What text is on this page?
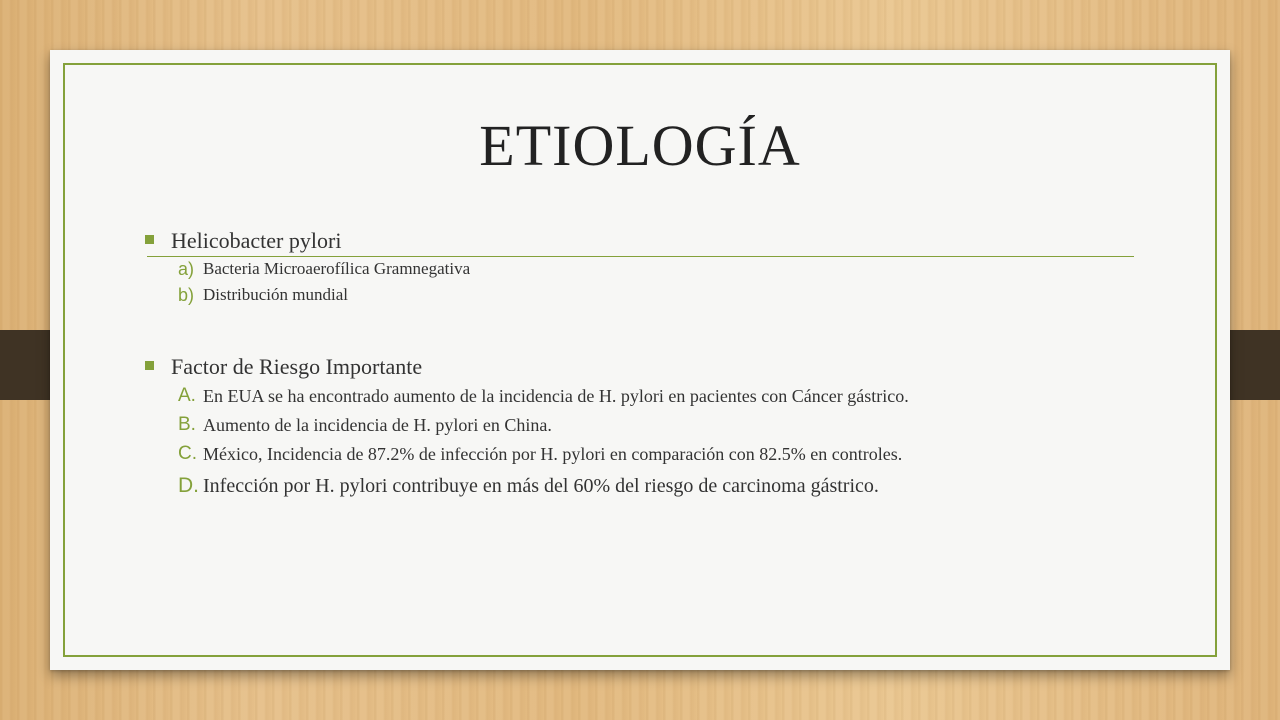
ETIOLOGÍA
Helicobacter pylori
a) Bacteria Microaerofílica Gramnegativa
b) Distribución mundial
Factor de Riesgo Importante
A. En EUA se ha encontrado aumento de la incidencia de H. pylori en pacientes con Cáncer gástrico.
B. Aumento de la incidencia de H. pylori en China.
C. México, Incidencia de 87.2% de infección por H. pylori en comparación con 82.5% en controles.
D. Infección por H. pylori contribuye en más del 60% del riesgo de carcinoma gástrico.
